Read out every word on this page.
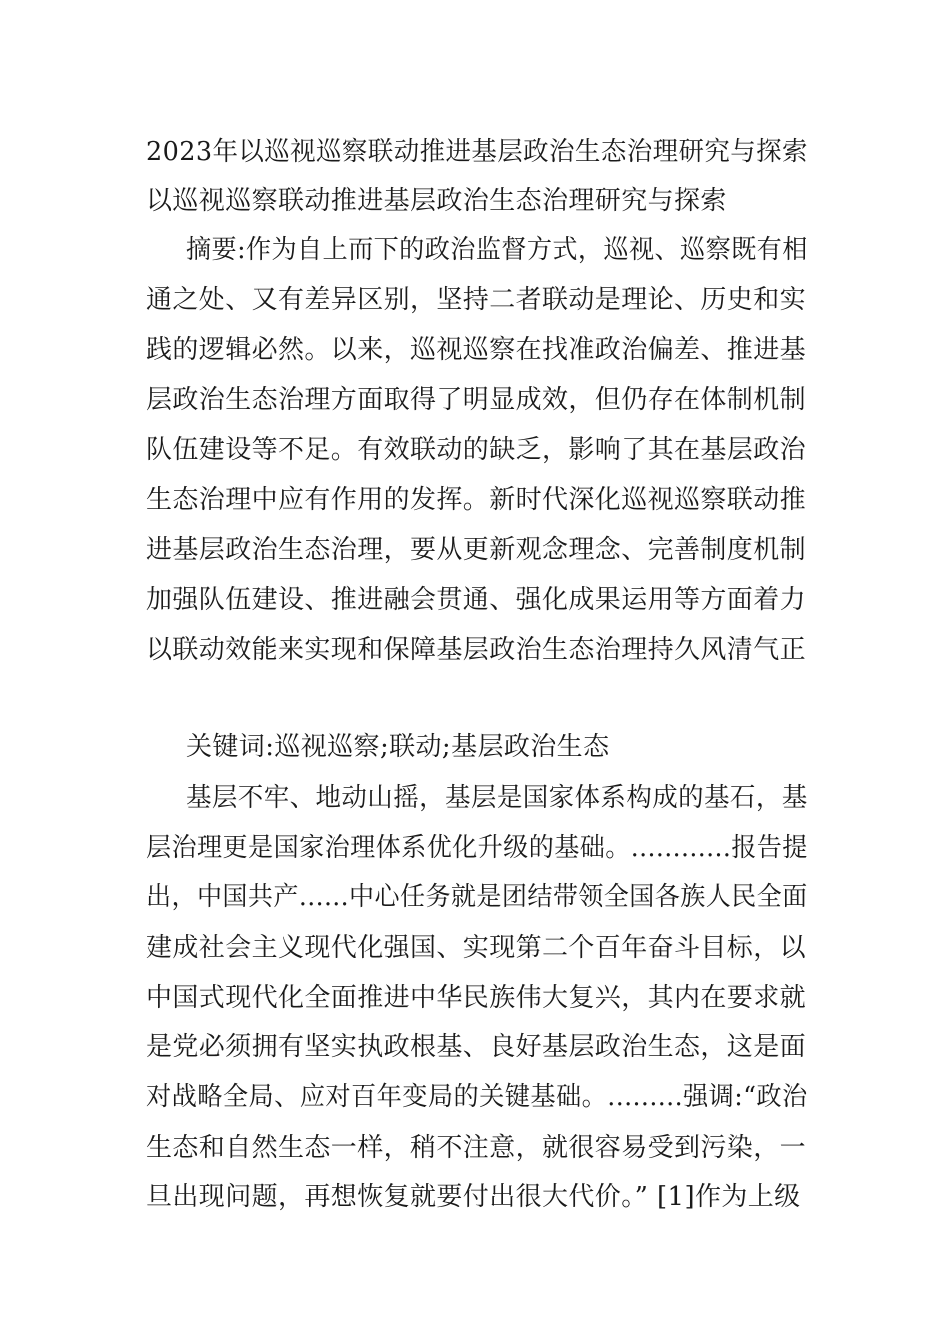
2023年以巡视巡察联动推进基层政治生态治理研究与探索
以巡视巡察联动推进基层政治生态治理研究与探索
摘要:作为自上而下的政治监督方式，巡视、巡察既有相
通之处、又有差异区别，坚持二者联动是理论、历史和实
践的逻辑必然。以来，巡视巡察在找准政治偏差、推进基
层政治生态治理方面取得了明显成效，但仍存在体制机制
队伍建设等不足。有效联动的缺乏，影响了其在基层政治
生态治理中应有作用的发挥。新时代深化巡视巡察联动推
进基层政治生态治理，要从更新观念理念、完善制度机制
加强队伍建设、推进融会贯通、强化成果运用等方面着力
以联动效能来实现和保障基层政治生态治理持久风清气正
关键词:巡视巡察;联动;基层政治生态
基层不牢、地动山摇，基层是国家体系构成的基石，基
层治理更是国家治理体系优化升级的基础。............报告提
出，中国共产......中心任务就是团结带领全国各族人民全面
建成社会主义现代化强国、实现第二个百年奋斗目标，以
中国式现代化全面推进中华民族伟大复兴，其内在要求就
是党必须拥有坚实执政根基、良好基层政治生态，这是面
对战略全局、应对百年变局的关键基础。.........强调:“政治
生态和自然生态一样，稍不注意，就很容易受到污染，一
旦出现问题，再想恢复就要付出很大代价。” [1]作为上级
